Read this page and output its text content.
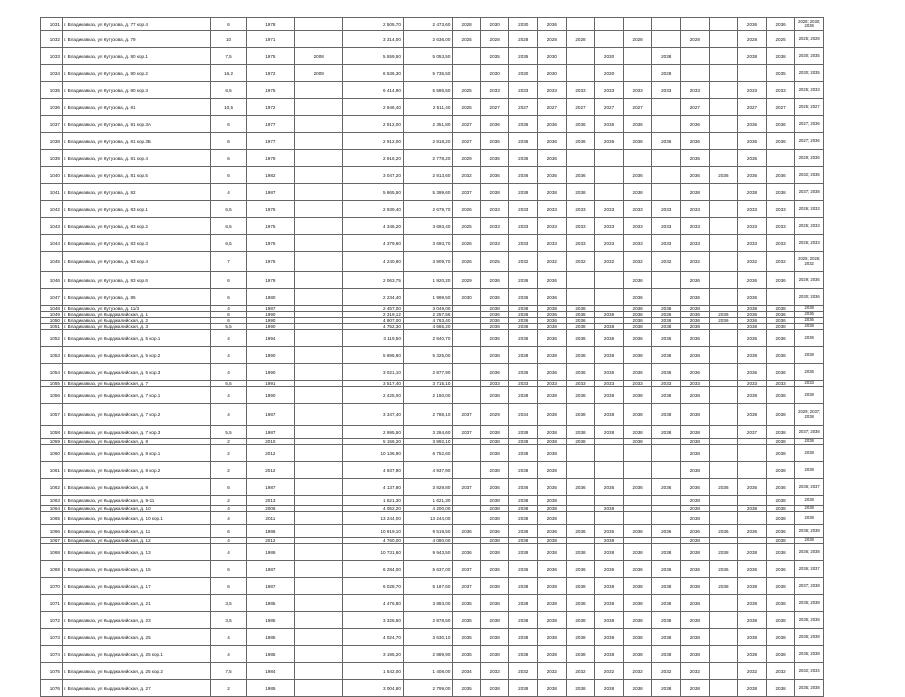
1031	г. Владикавказ, ул Кутузова, д. 77 кор.4	6	1978		2 505,70	2 473,60	2028	2030	2030	2036							2036	2036	2028; 2030; 2036
1032	г. Владикавказ, ул Кутузова, д. 79	10	1971		3 314,00	2 636,00	2025	2028	2028	2028	2028		2028		2028		2028	2025	2025; 2028
1033	г. Владикавказ, ул Кутузова, д. 80 кор.1	7,5	1975	2008	5 559,50	5 053,50		2035	2035	2030		2030		2038			2038	2038	2030; 2035
1034	г. Владикавказ, ул Кутузова, д. 80 кор.2	16,2	1972	2009	6 536,30	5 735,50		2030	2030	2030		2030		2028				2035	2030; 2035
1035	г. Владикавказ, ул Кутузова, д. 80 кор.3	6,5	1975		6 414,90	5 586,50	2025	2033	2033	2033	2033	2033	2033	2033	2033		2033	2033	2025; 2033
1036	г. Владикавказ, ул Кутузова, д. 81	10,5	1972		2 946,40	2 611,40	2025	2027	2027	2027	2027	2027	2027		2027		2027	2027	2025; 2027
1037	г. Владикавказ, ул Кутузова, д. 81 кор.3А	6	1977		2 912,00	2 351,80	2027	2036	2036	2036	2036	2036	2036		2036		2036	2036	2027; 2036
1038	г. Владикавказ, ул Кутузова, д. 81 кор.3Б	6	1977		2 912,00	2 818,20	2027	2036	2036	2036	2036	2036	2036	2036	2036		2036	2036	2027; 2036
1039	г. Владикавказ, ул Кутузова, д. 81 кор.4	6	1979		2 916,20	2 778,20	2029	2036	2036	2036					2036		2036		2029; 2036
1040	г. Владикавказ, ул Кутузова, д. 81 кор.5	6	1982		3 047,20	2 813,60	2032	2036	2036	2036	2036		2036		2036	2036	2036	2036	2032; 2036
1041	г. Владикавказ, ул Кутузова, д. 82	4	1987		5 865,50	5 399,60	2037	2038	2038	2038	2038		2038		2038		2038	2038	2037; 2038
1042	г. Владикавказ, ул Кутузова, д. 83 кор.1	6,5	1976		2 939,40	2 679,70	2026	2033	2033	2033	2033	2033	2033	2033	2033		2033	2033	2026; 2033
1043	г. Владикавказ, ул Кутузова, д. 83 кор.2	6,5	1975		4 346,20	3 693,40	2025	2033	2033	2033	2033	2033	2033	2033	2033		2033	2033	2025; 2033
1044	г. Владикавказ, ул Кутузова, д. 83 кор.3	6,5	1976		4 379,60	3 693,70	2026	2033	2033	2033	2033	2033	2033	2033	2033		2033	2033	2026; 2033
1045	г. Владикавказ, ул Кутузова, д. 83 кор.4	7	1976		4 240,90	3 909,70	2026	2025	2032	2032	2032	2032	2032	2032	2032		2032	2032	2025; 2026; 2032
1046	г. Владикавказ, ул Кутузова, д. 83 кор.6	6	1979		2 063,75	1 920,20	2029	2036	2036	2036			2036		2036		2036	2036	2029; 2036
1047	г. Владикавказ, ул Кутузова, д. 85	6	1980		2 234,40	1 999,50	2030	2036	2036	2036			2036		2036		2036		2030; 2036
1048	г. Владикавказ, ул Кутузова, д. 11/3	4	1987		2 457,00	3 049,00		2038	2038	2038	2038		2038	2038	2038		2038	2038	2038
1049	г. Владикавказ, ул Кырджалийская, д. 1	6	1990		2 319,12	2 257,56		2036	2036	2036	2036	2036	2036	2036	2036	2036	2036	2036	2036
1050	г. Владикавказ, ул Кырджалийская, д. 2	6	1990		4 907,00	4 763,40		2036	2036	2036	2036		2036	2036	2036	2036	2036	2036	2036
1051	г. Владикавказ, ул Кырджалийская, д. 3	5,5	1990		4 752,30	4 665,20		2038	2038	2038	2038	2038	2038	2038	2038		2038	2038	2038
1052	г. Владикавказ, ул Кырджалийская, д. 5 кор.1	4	1994		3 119,50	2 840,70		2036	2036	2036	2036	2036	2036	2036	2036		2036	2036	2036
1053	г. Владикавказ, ул Кырджалийская, д. 5 кор.2	4	1990		5 896,60	5 325,00		2038	2038	2038	2038	2038	2038	2038	2038		2038	2038	2038
1054	г. Владикавказ, ул Кырджалийская, д. 5 кор.3	4	1990		3 021,10	2 877,90		2036	2036	2036	2036	2036	2036	2036	2036		2036	2036	2036
1055	г. Владикавказ, ул Кырджалийская, д. 7	6,5	1991		3 517,40	3 715,10		2033	2033	2033	2033	2033	2033	2033	2033		2033	2033	2033
1056	г. Владикавказ, ул Кырджалийская, д. 7 кор.1	4	1990		2 425,00	2 150,00		2038	2038	2038	2038	2038	2038	2038	2038		2038	2038	2038
1057	г. Владикавказ, ул Кырджалийская, д. 7 кор.2	4	1987		3 347,40	2 788,10	2037	2029	2034	2038	2038	2038	2038	2038	2038		2038	2038	2029; 2037; 2038
1058	г. Владикавказ, ул Кырджалийская, д. 7 кор.3	5,5	1987		2 995,50	3 284,60	2037	2038	2038	2038	2038	2038	2038	2038	2038		2037	2038	2037; 2038
1059	г. Владикавказ, ул Кырджалийская, д. 8	2	2010		5 156,20	3 892,10		2038	2038	2038	2038		2038		2038			2038	2038
1060	г. Владикавказ, ул Кырджалийская, д. 8 кор.1	2	2012		10 136,90	6 752,60		2038	2038	2038					2038			2038	2038
1061	г. Владикавказ, ул Кырджалийская, д. 8 кор.2	2	2012		4 937,90	4 937,90		2038	2038	2038					2038			2038	2038
1062	г. Владикавказ, ул Кырджалийская, д. 9	6	1987		4 137,80	3 829,80	2037	2036	2036	2036	2036	2036	2036	2036	2036	2036	2036	2036	2036; 2037
1063	г. Владикавказ, ул Кырджалийская, д. 9-11	2	2013		1 621,30	1 621,30		2038	2038	2038					2038			2038	2038
1064	г. Владикавказ, ул Кырджалийская, д. 10	4	2006		4 052,20	4 200,00		2038	2038	2038		2038			2038		2038	2038	2038
1065	г. Владикавказ, ул Кырджалийская, д. 10 кор.1	4	2011		13 244,00	13 244,00		2038	2038	2038					2038			2038	2038
1066	г. Владикавказ, ул Кырджалийская, д. 11	6	1986		10 919,10	9 519,50	2036	2036	2036	2036	2036	2036	2036	2036	2036	2036	2036	2036	2036; 2038
1067	г. Владикавказ, ул Кырджалийская, д. 12	4	2012		4 760,00	4 080,00		2038	2038	2038		2038			2038			2038	2038
1068	г. Владикавказ, ул Кырджалийская, д. 13	4	1986		10 731,60	9 943,50	2036	2038	2038	2038	2038	2038	2038	2038	2038	2038	2038	2038	2036; 2038
1069	г. Владикавказ, ул Кырджалийская, д. 15	6	1987		6 284,00	5 637,00	2037	2036	2036	2036	2036	2036	2036	2036	2036	2036	2036	2036	2036; 2037
1070	г. Владикавказ, ул Кырджалийская, д. 17	6	1987		6 028,70	5 187,60	2037	2038	2038	2038	2038	2038	2038	2038	2038	2038	2038	2038	2037; 2038
1071	г. Владикавказ, ул Кырджалийская, д. 21	3,5	1985		4 476,80	3 883,00	2035	2038	2038	2038	2038	2038	2038	2038	2038		2038	2038	2035; 2038
1072	г. Владикавказ, ул Кырджалийская, д. 23	3,5	1985		3 326,50	2 878,50	2035	2038	2038	2038	2038	2038	2038	2038	2038		2038	2038	2035; 2038
1073	г. Владикавказ, ул Кырджалийская, д. 25	4	1985		4 024,70	3 630,10	2035	2038	2038	2038	2038	2038	2038	2038	2038		2038	2038	2035; 2038
1074	г. Владикавказ, ул Кырджалийская, д. 25 кор.1	4	1985		3 195,20	2 889,90	2035	2038	2038	2038	2038	2038	2038	2038	2038		2038	2038	2035; 2038
1075	г. Владикавказ, ул Кырджалийская, д. 25 кор.2	7,5	1984		1 542,00	1 408,00	2034	2032	2032	2032	2032	2032	2032	2032	2032		2032	2032	2032; 2034
1076	г. Владикавказ, ул Кырджалийская, д. 27	2	1985		3 004,80	2 799,00	2035	2038	2038	2038	2038	2038	2038	2038	2038		2038	2038	2035; 2038
